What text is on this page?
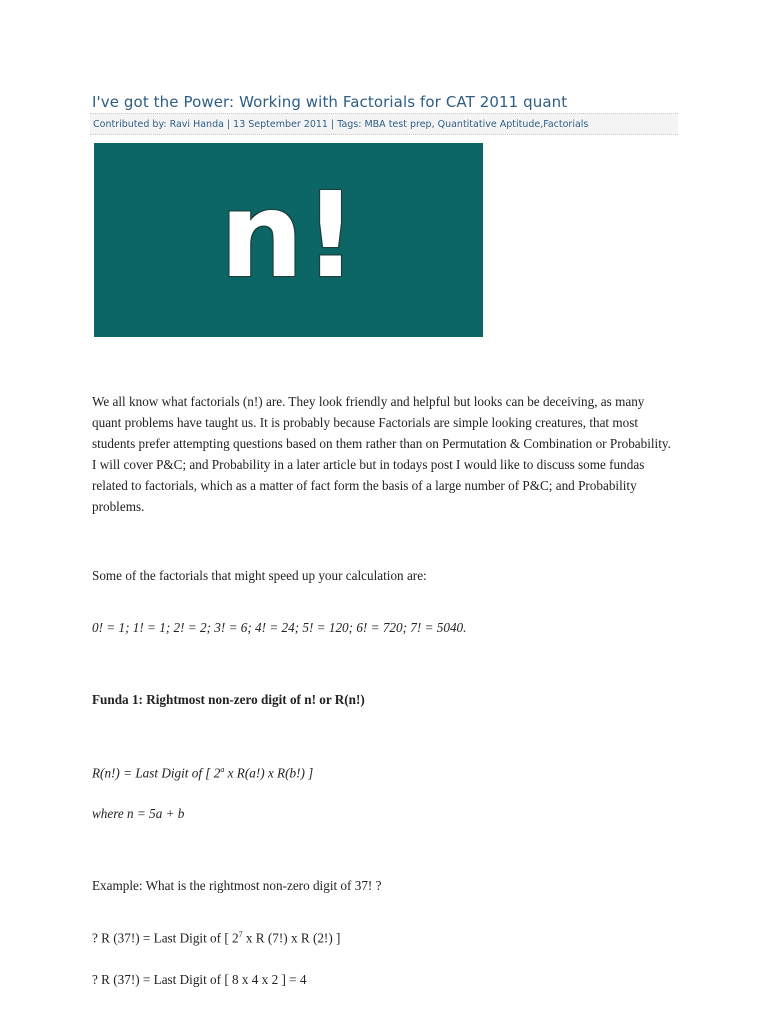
I've got the Power: Working with Factorials for CAT 2011 quant
Contributed by: Ravi Handa | 13 September 2011 | Tags: MBA test prep, Quantitative Aptitude,Factorials
n!
We all know what factorials (n!) are. They look friendly and helpful but looks can be deceiving, as many quant problems have taught us. It is probably because Factorials are simple looking creatures, that most students prefer attempting questions based on them rather than on Permutation & Combination or Probability. I will cover P&C; and Probability in a later article but in todays post I would like to discuss some fundas related to factorials, which as a matter of fact form the basis of a large number of P&C; and Probability problems.
Some of the factorials that might speed up your calculation are:
0! = 1; 1! = 1; 2! = 2; 3! = 6; 4! = 24; 5! = 120; 6! = 720; 7! = 5040.
Funda 1: Rightmost non-zero digit of n! or R(n!)
R(n!) = Last Digit of [ 2$^a$ x R(a!) x R(b!) ]
where n = 5a + b
Example: What is the rightmost non-zero digit of 37! ?
? R (37!) = Last Digit of [ $2^7$ x R (7!) x R (2!) ]
? R (37!) = Last Digit of [ 8 x 4 x 2 ] = 4
